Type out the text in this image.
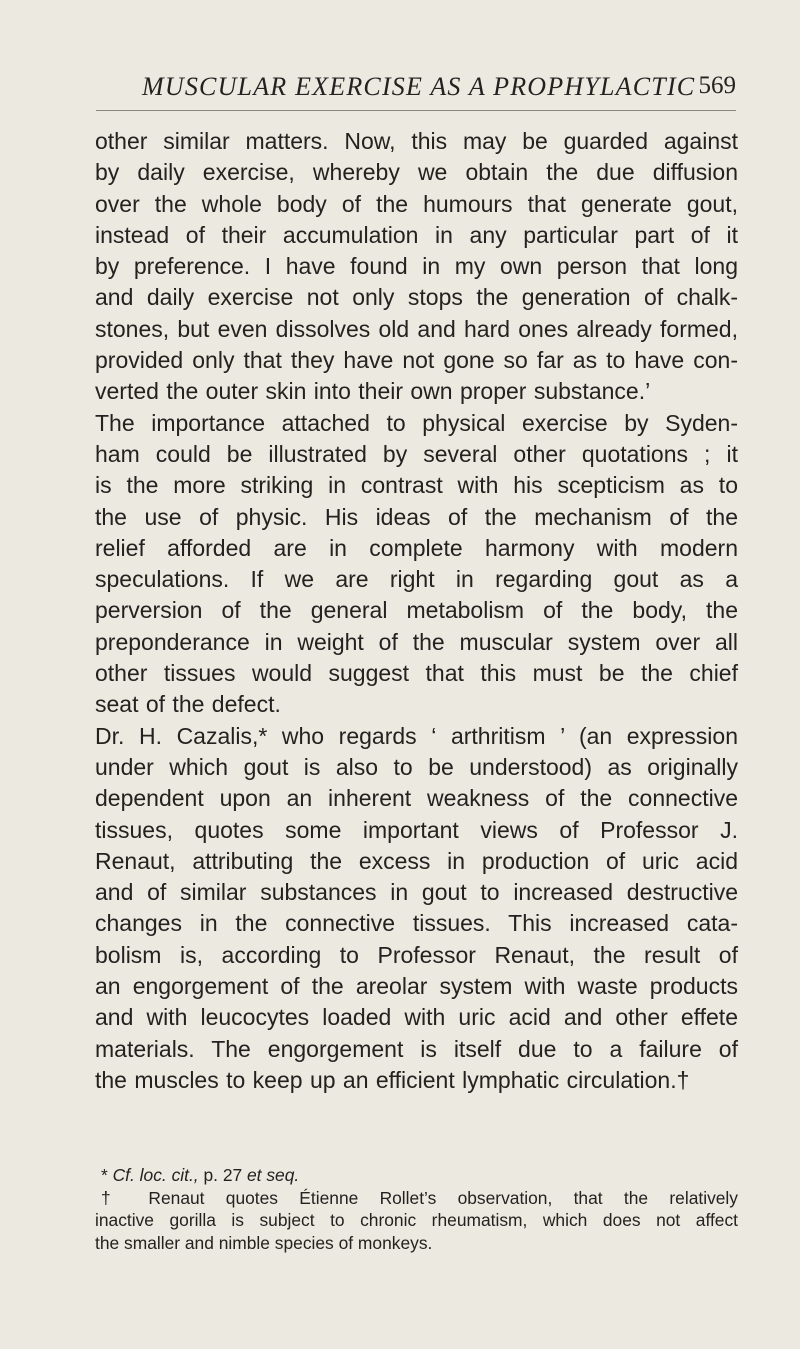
MUSCULAR EXERCISE AS A PROPHYLACTIC 569
other similar matters. Now, this may be guarded against
by daily exercise, whereby we obtain the due diffusion
over the whole body of the humours that generate gout,
instead of their accumulation in any particular part of it
by preference. I have found in my own person that long
and daily exercise not only stops the generation of chalk-
stones, but even dissolves old and hard ones already formed,
provided only that they have not gone so far as to have con-
verted the outer skin into their own proper substance.’
The importance attached to physical exercise by Syden-
ham could be illustrated by several other quotations ; it
is the more striking in contrast with his scepticism as to
the use of physic. His ideas of the mechanism of the
relief afforded are in complete harmony with modern
speculations. If we are right in regarding gout as a
perversion of the general metabolism of the body, the
preponderance in weight of the muscular system over all
other tissues would suggest that this must be the chief
seat of the defect.
Dr. H. Cazalis,* who regards ‘ arthritism ’ (an expression
under which gout is also to be understood) as originally
dependent upon an inherent weakness of the connective
tissues, quotes some important views of Professor J.
Renaut, attributing the excess in production of uric acid
and of similar substances in gout to increased destructive
changes in the connective tissues. This increased cata-
bolism is, according to Professor Renaut, the result of
an engorgement of the areolar system with waste products
and with leucocytes loaded with uric acid and other effete
materials. The engorgement is itself due to a failure of
the muscles to keep up an efficient lymphatic circulation.†
* Cf. loc. cit., p. 27 et seq.
† Renaut quotes Étienne Rollet’s observation, that the relatively
inactive gorilla is subject to chronic rheumatism, which does not affect
the smaller and nimble species of monkeys.
